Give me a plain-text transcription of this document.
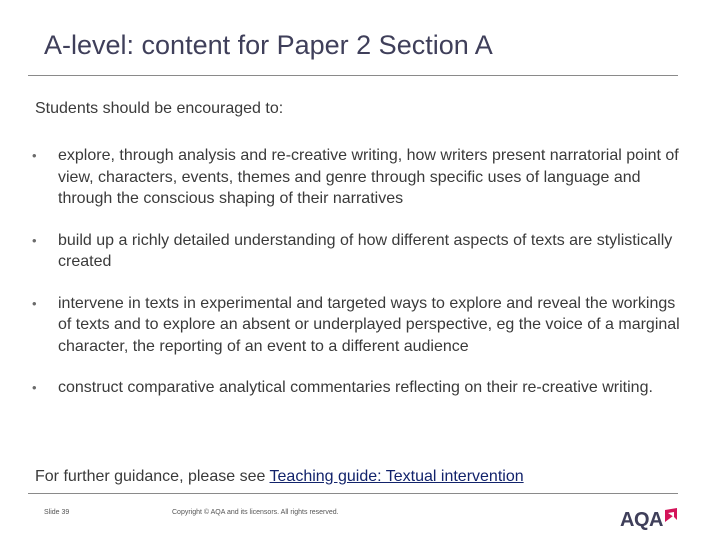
A-level: content for Paper 2 Section A
Students should be encouraged to:
• explore, through analysis and re-creative writing, how writers present narratorial point of view, characters, events, themes and genre through specific uses of language and through the conscious shaping of their narratives
• build up a richly detailed understanding of how different aspects of texts are stylistically created
• intervene in texts in experimental and targeted ways to explore and reveal the workings of texts and to explore an absent or underplayed perspective, eg the voice of a marginal character, the reporting of an event to a different audience
• construct comparative analytical commentaries reflecting on their re-creative writing.
For further guidance, please see Teaching guide: Textual intervention
Slide 39	Copyright © AQA and its licensors. All rights reserved.	AQA
